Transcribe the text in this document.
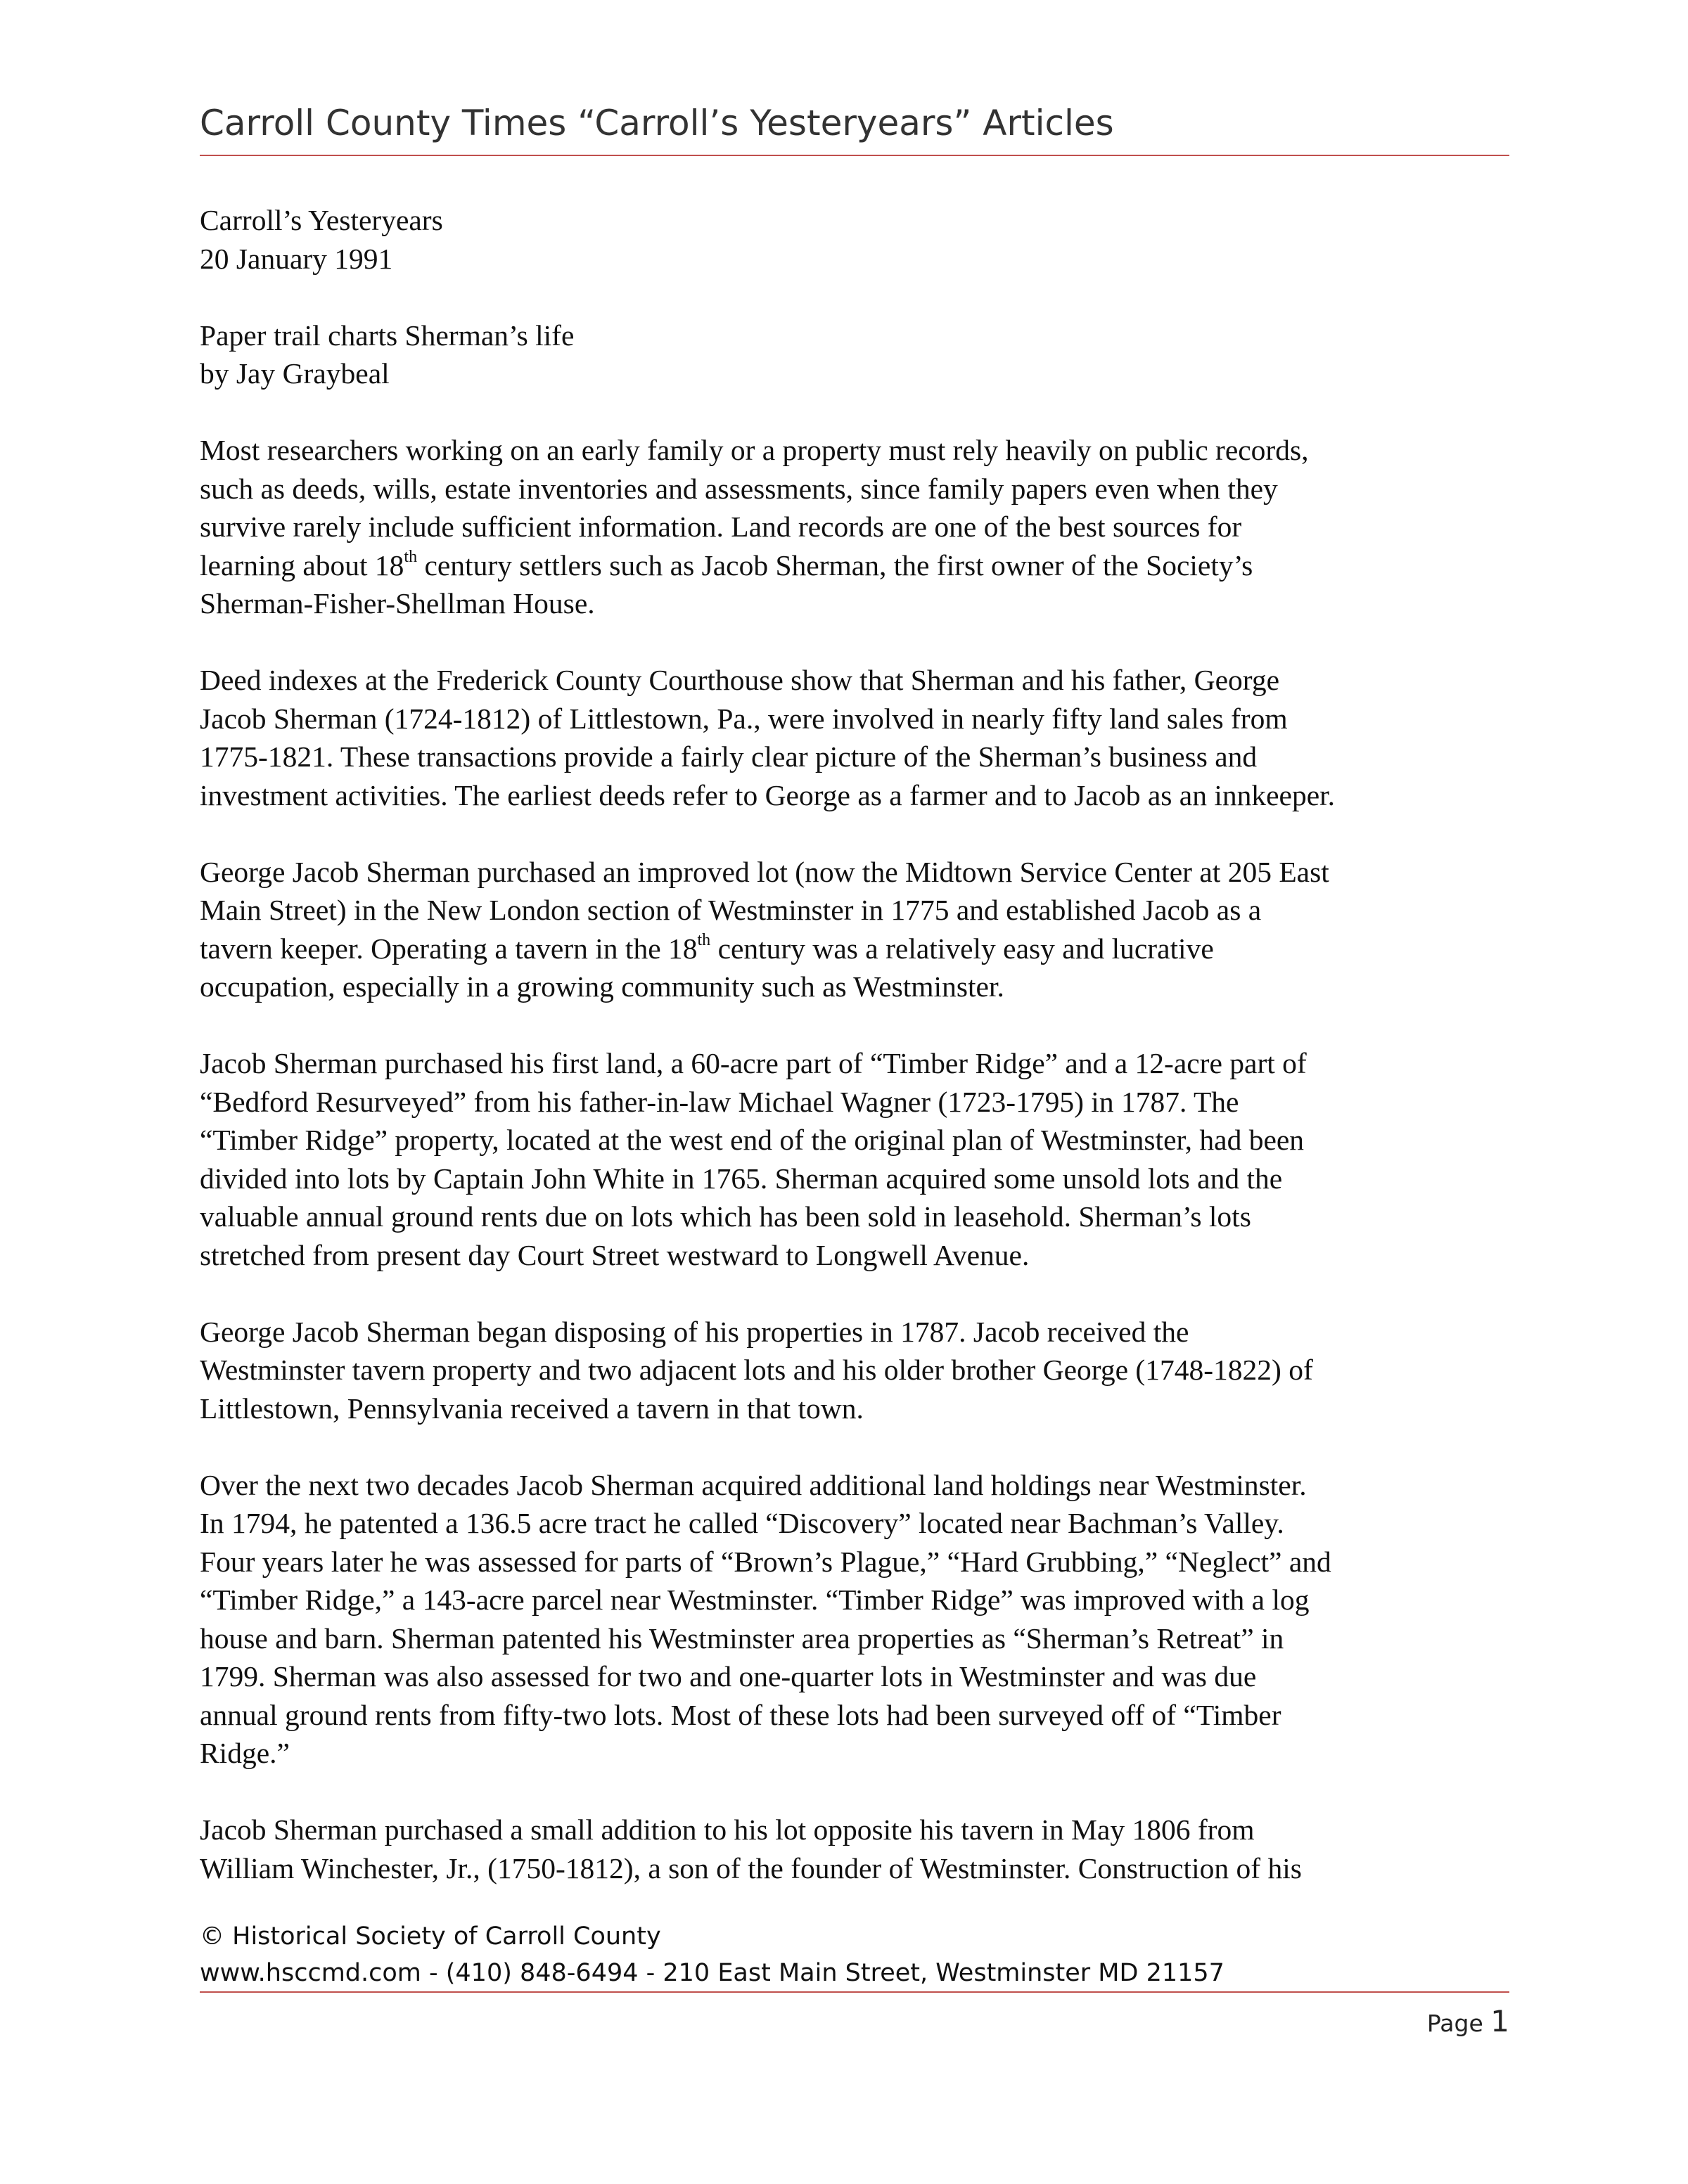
Carroll County Times “Carroll’s Yesteryears” Articles
Carroll’s Yesteryears
20 January 1991
Paper trail charts Sherman’s life
by Jay Graybeal
Most researchers working on an early family or a property must rely heavily on public records,
such as deeds, wills, estate inventories and assessments, since family papers even when they
survive rarely include sufficient information. Land records are one of the best sources for
learning about 18th century settlers such as Jacob Sherman, the first owner of the Society’s
Sherman-Fisher-Shellman House.
Deed indexes at the Frederick County Courthouse show that Sherman and his father, George
Jacob Sherman (1724-1812) of Littlestown, Pa., were involved in nearly fifty land sales from
1775-1821. These transactions provide a fairly clear picture of the Sherman’s business and
investment activities. The earliest deeds refer to George as a farmer and to Jacob as an innkeeper.
George Jacob Sherman purchased an improved lot (now the Midtown Service Center at 205 East
Main Street) in the New London section of Westminster in 1775 and established Jacob as a
tavern keeper. Operating a tavern in the 18th century was a relatively easy and lucrative
occupation, especially in a growing community such as Westminster.
Jacob Sherman purchased his first land, a 60-acre part of “Timber Ridge” and a 12-acre part of
“Bedford Resurveyed” from his father-in-law Michael Wagner (1723-1795) in 1787. The
“Timber Ridge” property, located at the west end of the original plan of Westminster, had been
divided into lots by Captain John White in 1765. Sherman acquired some unsold lots and the
valuable annual ground rents due on lots which has been sold in leasehold. Sherman’s lots
stretched from present day Court Street westward to Longwell Avenue.
George Jacob Sherman began disposing of his properties in 1787. Jacob received the
Westminster tavern property and two adjacent lots and his older brother George (1748-1822) of
Littlestown, Pennsylvania received a tavern in that town.
Over the next two decades Jacob Sherman acquired additional land holdings near Westminster.
In 1794, he patented a 136.5 acre tract he called “Discovery” located near Bachman’s Valley.
Four years later he was assessed for parts of “Brown’s Plague,” “Hard Grubbing,” “Neglect” and
“Timber Ridge,” a 143-acre parcel near Westminster. “Timber Ridge” was improved with a log
house and barn. Sherman patented his Westminster area properties as “Sherman’s Retreat” in
1799. Sherman was also assessed for two and one-quarter lots in Westminster and was due
annual ground rents from fifty-two lots. Most of these lots had been surveyed off of “Timber
Ridge.”
Jacob Sherman purchased a small addition to his lot opposite his tavern in May 1806 from
William Winchester, Jr., (1750-1812), a son of the founder of Westminster. Construction of his
© Historical Society of Carroll County
www.hsccmd.com - (410) 848-6494 - 210 East Main Street, Westminster MD 21157
Page 1
